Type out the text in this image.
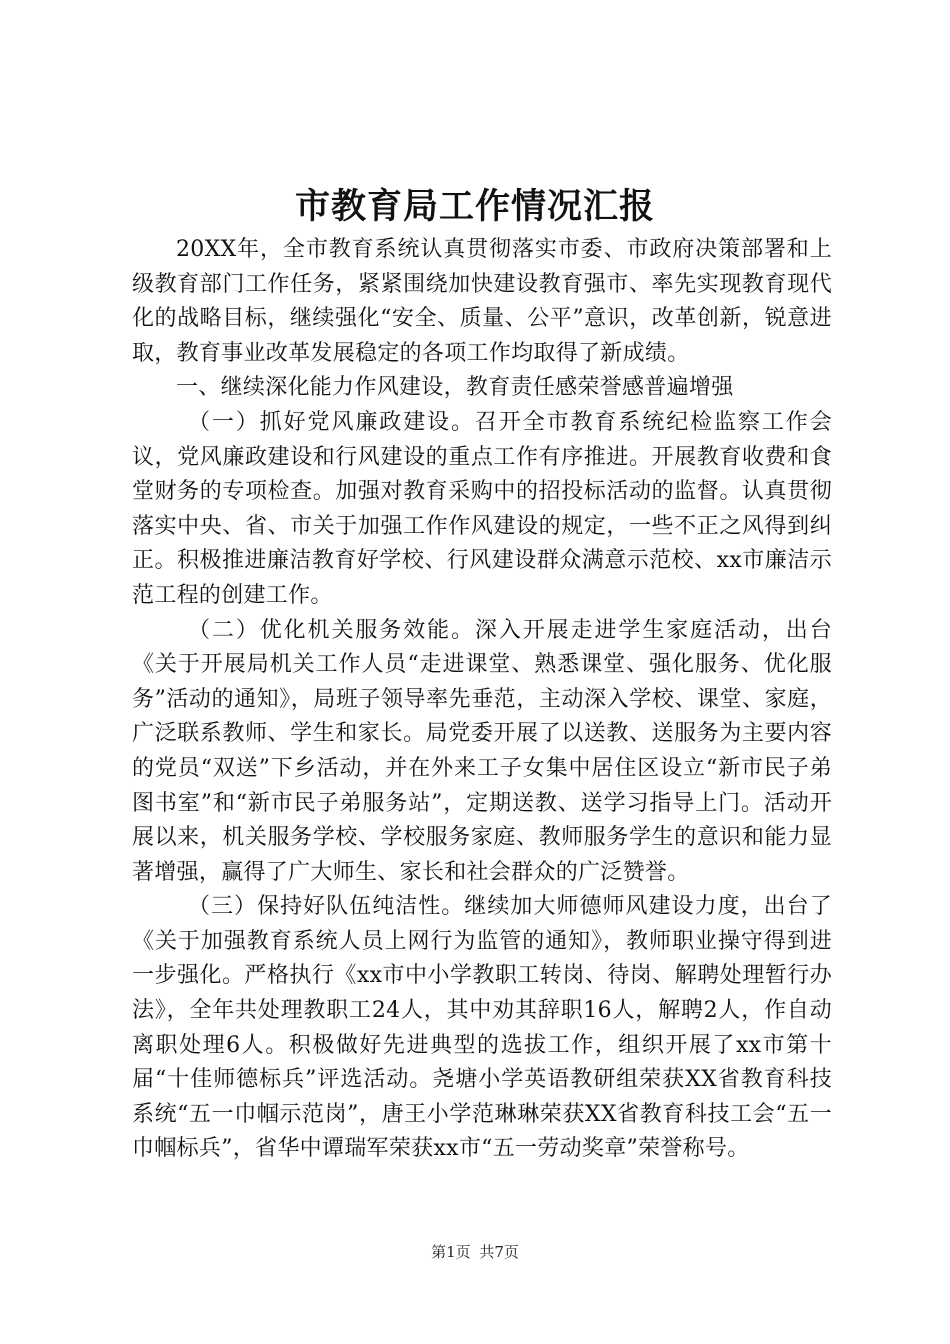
市教育局工作情况汇报

20XX年，全市教育系统认真贯彻落实市委、市政府决策部署和上级教育部门工作任务，紧紧围绕加快建设教育强市、率先实现教育现代化的战略目标，继续强化“安全、质量、公平”意识，改革创新，锐意进取，教育事业改革发展稳定的各项工作均取得了新成绩。

一、继续深化能力作风建设，教育责任感荣誉感普遍增强

（一）抓好党风廉政建设。召开全市教育系统纪检监察工作会议，党风廉政建设和行风建设的重点工作有序推进。开展教育收费和食堂财务的专项检查。加强对教育采购中的招投标活动的监督。认真贯彻落实中央、省、市关于加强工作作风建设的规定，一些不正之风得到纠正。积极推进廉洁教育好学校、行风建设群众满意示范校、xx市廉洁示范工程的创建工作。

（二）优化机关服务效能。深入开展走进学生家庭活动，出台《关于开展局机关工作人员“走进课堂、熟悉课堂、强化服务、优化服务”活动的通知》，局班子领导率先垂范，主动深入学校、课堂、家庭，广泛联系教师、学生和家长。局党委开展了以送教、送服务为主要内容的党员“双送”下乡活动，并在外来工子女集中居住区设立“新市民子弟图书室”和“新市民子弟服务站”，定期送教、送学习指导上门。活动开展以来，机关服务学校、学校服务家庭、教师服务学生的意识和能力显著增强，赢得了广大师生、家长和社会群众的广泛赞誉。

（三）保持好队伍纯洁性。继续加大师德师风建设力度，出台了《关于加强教育系统人员上网行为监管的通知》，教师职业操守得到进一步强化。严格执行《xx市中小学教职工转岗、待岗、解聘处理暂行办法》，全年共处理教职工24人，其中劝其辞职16人，解聘2人，作自动离职处理6人。积极做好先进典型的选拔工作，组织开展了xx市第十届“十佳师德标兵”评选活动。尧塘小学英语教研组荣获XX省教育科技系统“五一巾帼示范岗”，唐王小学范琳琳荣获XX省教育科技工会“五一巾帼标兵”，省华中谭瑞军荣获xx市“五一劳动奖章”荣誉称号。

第1页 共7页
